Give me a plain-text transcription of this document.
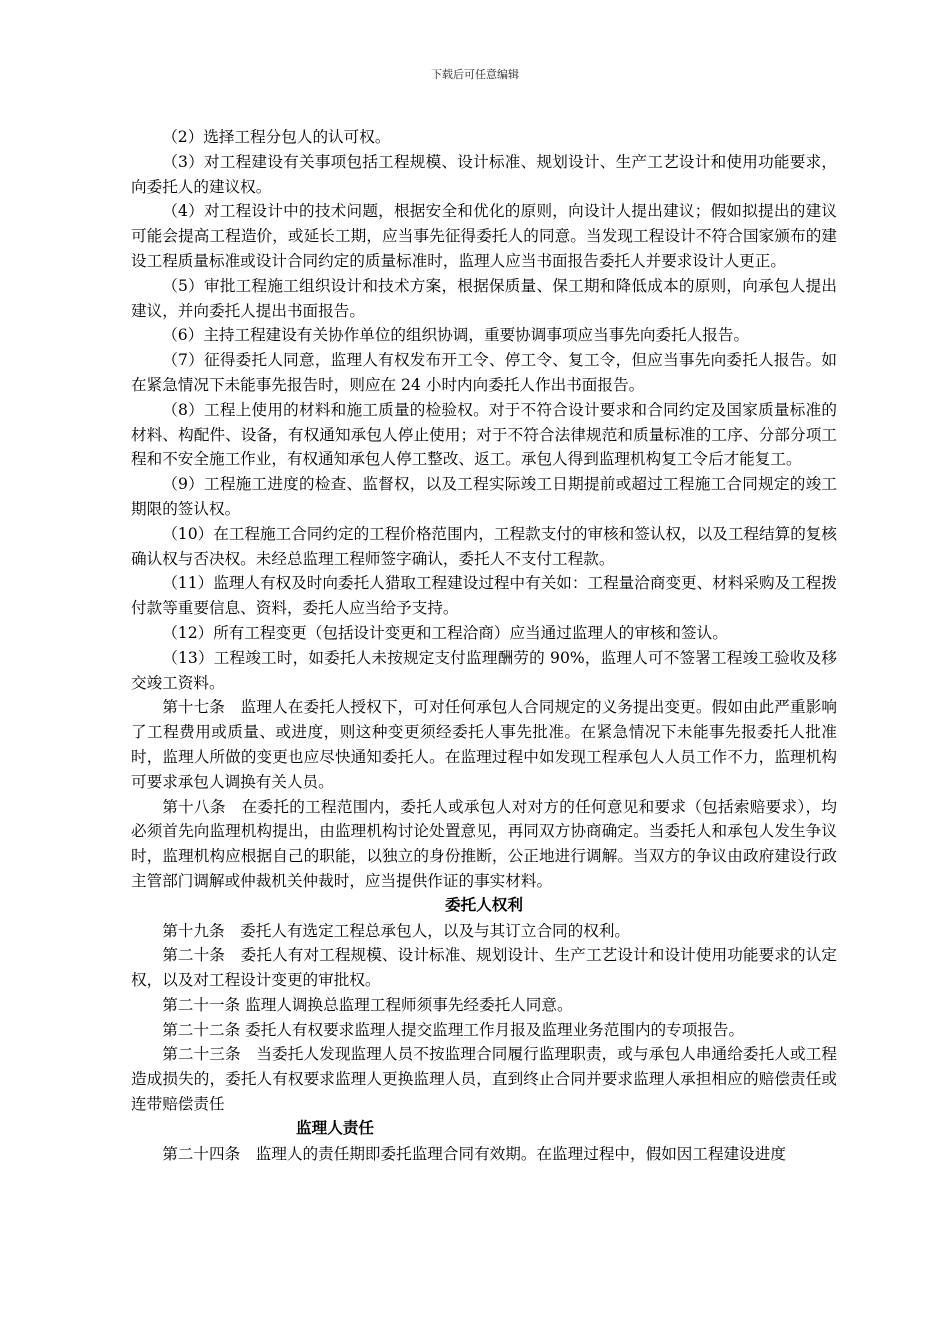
下载后可任意编辑

（2）选择工程分包人的认可权。

（3）对工程建设有关事项包括工程规模、设计标准、规划设计、生产工艺设计和使用功能要求，向委托人的建议权。

（4）对工程设计中的技术问题，根据安全和优化的原则，向设计人提出建议；假如拟提出的建议可能会提高工程造价，或延长工期，应当事先征得委托人的同意。当发现工程设计不符合国家颁布的建设工程质量标准或设计合同约定的质量标准时，监理人应当书面报告委托人并要求设计人更正。

（5）审批工程施工组织设计和技术方案，根据保质量、保工期和降低成本的原则，向承包人提出建议，并向委托人提出书面报告。

（6）主持工程建设有关协作单位的组织协调，重要协调事项应当事先向委托人报告。

（7）征得委托人同意，监理人有权发布开工令、停工令、复工令，但应当事先向委托人报告。如在紧急情况下未能事先报告时，则应在 24 小时内向委托人作出书面报告。

（8）工程上使用的材料和施工质量的检验权。对于不符合设计要求和合同约定及国家质量标准的材料、构配件、设备，有权通知承包人停止使用；对于不符合法律规范和质量标准的工序、分部分项工程和不安全施工作业，有权通知承包人停工整改、返工。承包人得到监理机构复工令后才能复工。

（9）工程施工进度的检查、监督权，以及工程实际竣工日期提前或超过工程施工合同规定的竣工期限的签认权。

（10）在工程施工合同约定的工程价格范围内，工程款支付的审核和签认权，以及工程结算的复核确认权与否决权。未经总监理工程师签字确认，委托人不支付工程款。

（11）监理人有权及时向委托人猎取工程建设过程中有关如：工程量洽商变更、材料采购及工程拨付款等重要信息、资料，委托人应当给予支持。

（12）所有工程变更（包括设计变更和工程洽商）应当通过监理人的审核和签认。

（13）工程竣工时，如委托人未按规定支付监理酬劳的 90%，监理人可不签署工程竣工验收及移交竣工资料。

第十七条　监理人在委托人授权下，可对任何承包人合同规定的义务提出变更。假如由此严重影响了工程费用或质量、或进度，则这种变更须经委托人事先批准。在紧急情况下未能事先报委托人批准时，监理人所做的变更也应尽快通知委托人。在监理过程中如发现工程承包人人员工作不力，监理机构可要求承包人调换有关人员。

第十八条　在委托的工程范围内，委托人或承包人对对方的任何意见和要求（包括索赔要求），均必须首先向监理机构提出，由监理机构讨论处置意见，再同双方协商确定。当委托人和承包人发生争议时，监理机构应根据自己的职能，以独立的身份推断，公正地进行调解。当双方的争议由政府建设行政主管部门调解或仲裁机关仲裁时，应当提供作证的事实材料。

委托人权利

第十九条　委托人有选定工程总承包人，以及与其订立合同的权利。

第二十条　委托人有对工程规模、设计标准、规划设计、生产工艺设计和设计使用功能要求的认定权，以及对工程设计变更的审批权。

第二十一条 监理人调换总监理工程师须事先经委托人同意。

第二十二条 委托人有权要求监理人提交监理工作月报及监理业务范围内的专项报告。

第二十三条　当委托人发现监理人员不按监理合同履行监理职责，或与承包人串通给委托人或工程造成损失的，委托人有权要求监理人更换监理人员，直到终止合同并要求监理人承担相应的赔偿责任或连带赔偿责任

监理人责任

第二十四条　监理人的责任期即委托监理合同有效期。在监理过程中，假如因工程建设进度
